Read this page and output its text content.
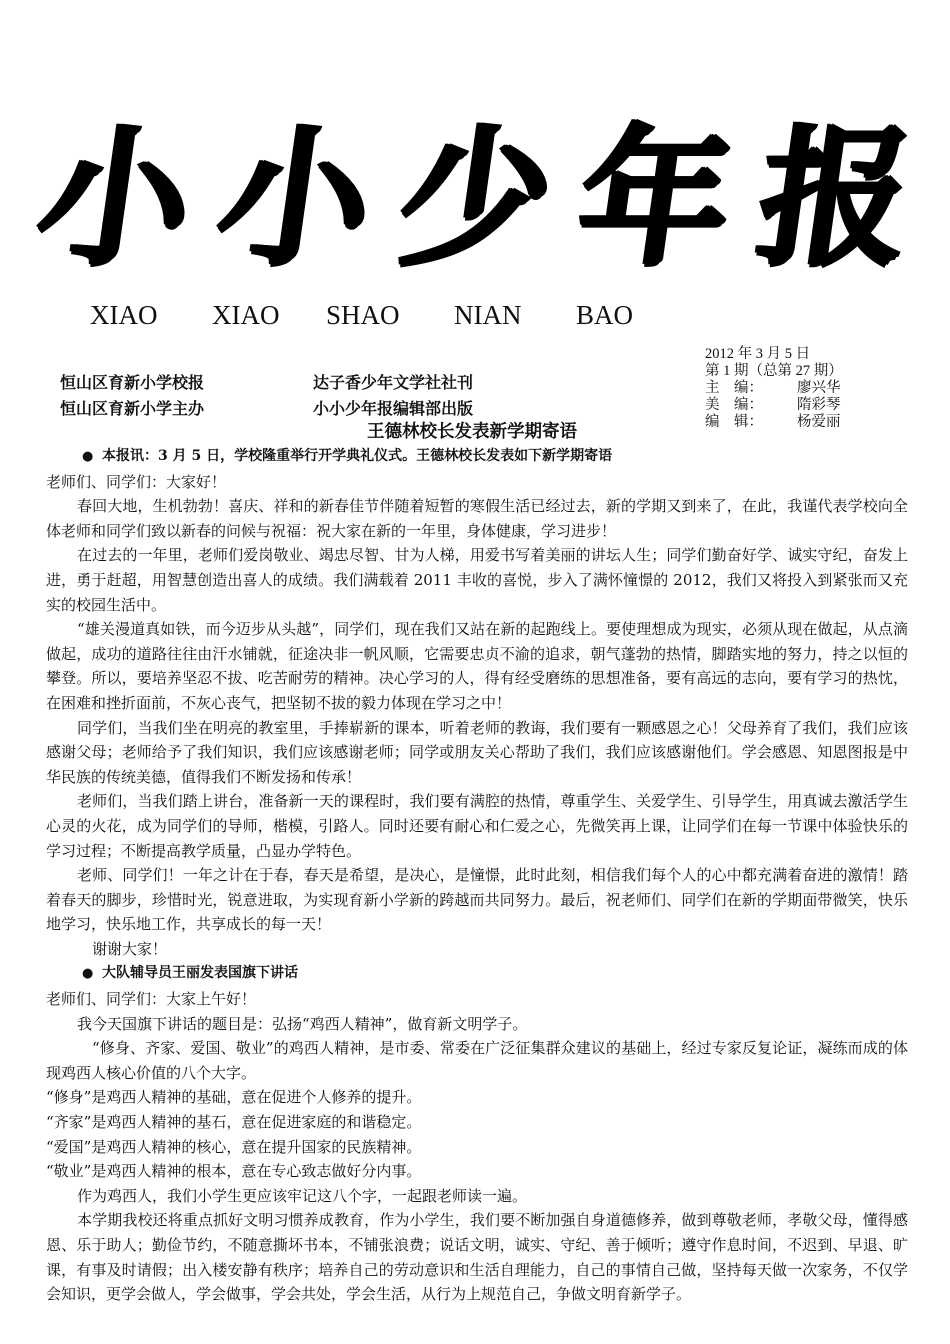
小 小 少 年 报
XIAO	XIAO	SHAO	NIAN	BAO
恒山区育新小学校报	达子香少年文学社社刊
恒山区育新小学主办	小小少年报编辑部出版
2012 年 3 月 5 日
第 1 期（总第 27 期）
主　编：	廖兴华
美　编：	隋彩琴
编　辑：	杨爱丽
王德林校长发表新学期寄语
● 本报讯：3 月 5 日，学校隆重举行开学典礼仪式。王德林校长发表如下新学期寄语

老师们、同学们：大家好！

春回大地，生机勃勃！喜庆、祥和的新春佳节伴随着短暂的寒假生活已经过去，新的学期又到来了，在此，我谨代表学校向全体老师和同学们致以新春的问候与祝福：祝大家在新的一年里，身体健康，学习进步！

在过去的一年里，老师们爱岗敬业、竭忠尽智、甘为人梯，用爱书写着美丽的讲坛人生；同学们勤奋好学、诚实守纪，奋发上进，勇于赶超，用智慧创造出喜人的成绩。我们满载着 2011 丰收的喜悦，步入了满怀憧憬的 2012，我们又将投入到紧张而又充实的校园生活中。

“雄关漫道真如铁，而今迈步从头越”，同学们，现在我们又站在新的起跑线上。要使理想成为现实，必须从现在做起，从点滴做起，成功的道路往往由汗水铺就，征途决非一帆风顺，它需要忠贞不渝的追求，朝气蓬勃的热情，脚踏实地的努力，持之以恒的攀登。所以，要培养坚忍不拔、吃苦耐劳的精神。决心学习的人，得有经受磨练的思想准备，要有高远的志向，要有学习的热忱，在困难和挫折面前，不灰心丧气，把坚韧不拔的毅力体现在学习之中！

同学们，当我们坐在明亮的教室里，手捧崭新的课本，听着老师的教诲，我们要有一颗感恩之心！父母养育了我们，我们应该感谢父母；老师给予了我们知识，我们应该感谢老师；同学或朋友关心帮助了我们，我们应该感谢他们。学会感恩、知恩图报是中华民族的传统美德，值得我们不断发扬和传承！

老师们，当我们踏上讲台，准备新一天的课程时，我们要有满腔的热情，尊重学生、关爱学生、引导学生，用真诚去激活学生心灵的火花，成为同学们的导师，楷模，引路人。同时还要有耐心和仁爱之心，先微笑再上课，让同学们在每一节课中体验快乐的学习过程；不断提高教学质量，凸显办学特色。

老师、同学们！一年之计在于春，春天是希望，是决心，是憧憬，此时此刻，相信我们每个人的心中都充满着奋进的激情！踏着春天的脚步，珍惜时光，锐意进取，为实现育新小学新的跨越而共同努力。最后，祝老师们、同学们在新的学期面带微笑，快乐地学习，快乐地工作，共享成长的每一天！

谢谢大家！

● 大队辅导员王丽发表国旗下讲话

老师们、同学们：大家上午好！

我今天国旗下讲话的题目是：弘扬“鸡西人精神”，做育新文明学子。

“修身、齐家、爱国、敬业”的鸡西人精神，是市委、常委在广泛征集群众建议的基础上，经过专家反复论证，凝练而成的体现鸡西人核心价值的八个大字。

“修身”是鸡西人精神的基础，意在促进个人修养的提升。

“齐家”是鸡西人精神的基石，意在促进家庭的和谐稳定。

“爱国”是鸡西人精神的核心，意在提升国家的民族精神。

“敬业”是鸡西人精神的根本，意在专心致志做好分内事。

作为鸡西人，我们小学生更应该牢记这八个字，一起跟老师读一遍。

本学期我校还将重点抓好文明习惯养成教育，作为小学生，我们要不断加强自身道德修养，做到尊敬老师，孝敬父母，懂得感恩、乐于助人；勤俭节约，不随意撕坏书本，不铺张浪费；说话文明，诚实、守纪、善于倾听；遵守作息时间，不迟到、早退、旷课，有事及时请假；出入楼安静有秩序；培养自己的劳动意识和生活自理能力，自己的事情自己做，坚持每天做一次家务，不仅学会知识，更学会做人，学会做事，学会共处，学会生活，从行为上规范自己，争做文明育新学子。
